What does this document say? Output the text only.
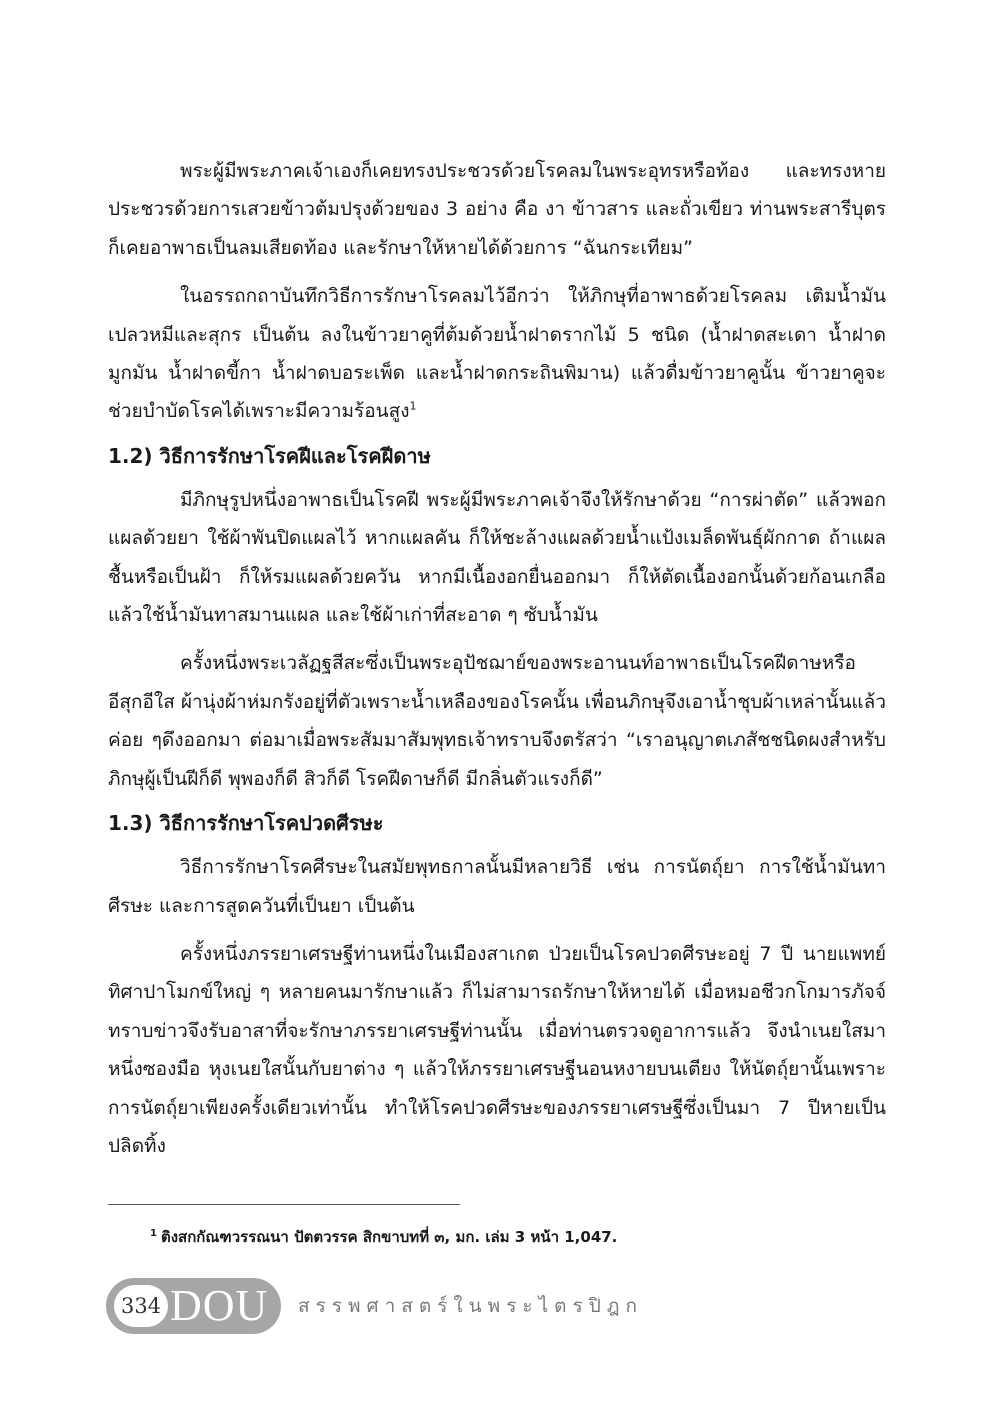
พระผู้มีพระภาคเจ้าเองก็เคยทรงประชวรด้วยโรคลมในพระอุทรหรือท้อง และทรงหายประชวรด้วยการเสวยข้าวต้มปรุงด้วยของ 3 อย่าง คือ งา ข้าวสาร และถั่วเขียว ท่านพระสารีบุตรก็เคยอาพาธเป็นลมเสียดท้อง และรักษาให้หายได้ด้วยการ “ฉันกระเทียม”

ในอรรถกถาบันทึกวิธีการรักษาโรคลมไว้อีกว่า ให้ภิกษุที่อาพาธด้วยโรคลม เติมน้ำมันเปลวหมีและสุกร เป็นต้น ลงในข้าวยาคูที่ต้มด้วยน้ำฝาดรากไม้ 5 ชนิด (น้ำฝาดสะเดา น้ำฝาดมูกมัน น้ำฝาดขี้กา น้ำฝาดบอระเพ็ด และน้ำฝาดกระถินพิมาน) แล้วดื่มข้าวยาคูนั้น ข้าวยาคูจะช่วยบำบัดโรคได้เพราะมีความร้อนสูง$^1$

1.2) วิธีการรักษาโรคฝีและโรคฝีดาษ

มีภิกษุรูปหนึ่งอาพาธเป็นโรคฝี พระผู้มีพระภาคเจ้าจึงให้รักษาด้วย “การผ่าตัด” แล้วพอกแผลด้วยยา ใช้ผ้าพันปิดแผลไว้ หากแผลคัน ก็ให้ชะล้างแผลด้วยน้ำแป้งเมล็ดพันธุ์ผักกาด ถ้าแผลชื้นหรือเป็นฝ้า ก็ให้รมแผลด้วยควัน หากมีเนื้องอกยื่นออกมา ก็ให้ตัดเนื้องอกนั้นด้วยก้อนเกลือ แล้วใช้น้ำมันทาสมานแผล และใช้ผ้าเก่าที่สะอาด ๆ ซับน้ำมัน

ครั้งหนึ่งพระเวลัฏฐสีสะซึ่งเป็นพระอุปัชฌาย์ของพระอานนท์อาพาธเป็นโรคฝีดาษหรืออีสุกอีใส ผ้านุ่งผ้าห่มกรังอยู่ที่ตัวเพราะน้ำเหลืองของโรคนั้น เพื่อนภิกษุจึงเอาน้ำชุบผ้าเหล่านั้นแล้วค่อย ๆดึงออกมา ต่อมาเมื่อพระสัมมาสัมพุทธเจ้าทราบจึงตรัสว่า “เราอนุญาตเภสัชชนิดผงสำหรับภิกษุผู้เป็นฝีก็ดี พุพองก็ดี สิวก็ดี โรคฝีดาษก็ดี มีกลิ่นตัวแรงก็ดี”

1.3) วิธีการรักษาโรคปวดศีรษะ

วิธีการรักษาโรคศีรษะในสมัยพุทธกาลนั้นมีหลายวิธี เช่น การนัตถุ์ยา การใช้น้ำมันทาศีรษะ และการสูดควันที่เป็นยา เป็นต้น

ครั้งหนึ่งภรรยาเศรษฐีท่านหนึ่งในเมืองสาเกต ป่วยเป็นโรคปวดศีรษะอยู่ 7 ปี นายแพทย์ทิศาปาโมกข์ใหญ่ ๆ หลายคนมารักษาแล้ว ก็ไม่สามารถรักษาให้หายได้ เมื่อหมอชีวกโกมารภัจจ์ทราบข่าวจึงรับอาสาที่จะรักษาภรรยาเศรษฐีท่านนั้น เมื่อท่านตรวจดูอาการแล้ว จึงนำเนยใสมาหนึ่งซองมือ หุงเนยใสนั้นกับยาต่าง ๆ แล้วให้ภรรยาเศรษฐีนอนหงายบนเตียง ให้นัตถุ์ยานั้นเพราะการนัตถุ์ยาเพียงครั้งเดียวเท่านั้น ทำให้โรคปวดศีรษะของภรรยาเศรษฐีซึ่งเป็นมา 7 ปีหายเป็นปลิดทิ้ง

$^1$ ติงสกกัณฑวรรณนา ปัตตวรรค สิกขาบทที่ ๓, มก. เล่ม 3 หน้า 1,047.
334 DOU	สรรพศาสตร์ในพระไตรปิฎก
